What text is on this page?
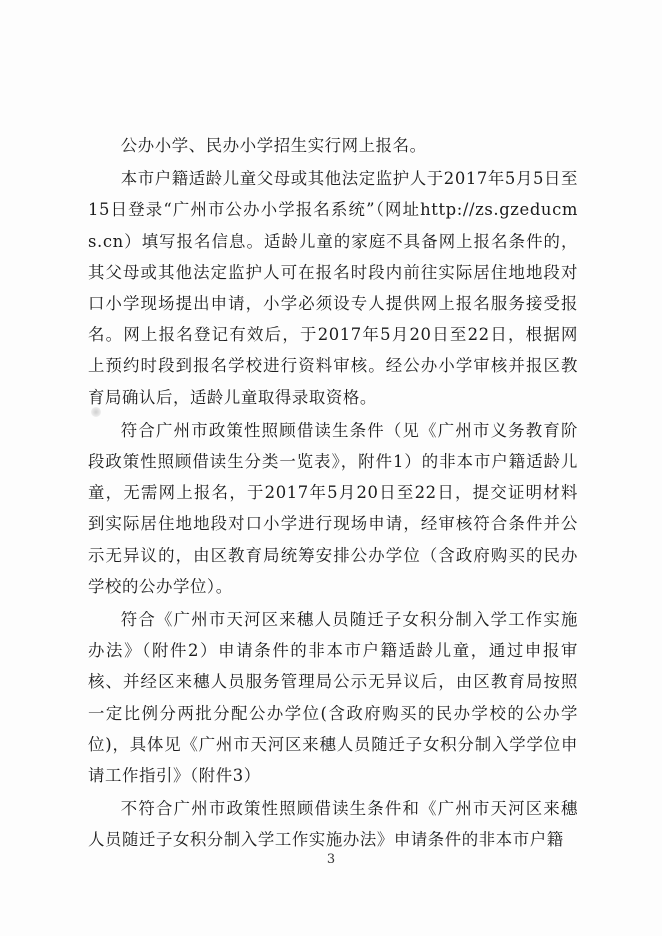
公办小学、民办小学招生实行网上报名。

本市户籍适龄儿童父母或其他法定监护人于2017年5月5日至15日登录“广州市公办小学报名系统”（网址http://zs.gzeducms.cn）填写报名信息。适龄儿童的家庭不具备网上报名条件的，其父母或其他法定监护人可在报名时段内前往实际居住地地段对口小学现场提出申请，小学必须设专人提供网上报名服务接受报名。网上报名登记有效后，于2017年5月20日至22日，根据网上预约时段到报名学校进行资料审核。经公办小学审核并报区教育局确认后，适龄儿童取得录取资格。

符合广州市政策性照顾借读生条件（见《广州市义务教育阶段政策性照顾借读生分类一览表》，附件1）的非本市户籍适龄儿童，无需网上报名，于2017年5月20日至22日，提交证明材料到实际居住地地段对口小学进行现场申请，经审核符合条件并公示无异议的，由区教育局统筹安排公办学位（含政府购买的民办学校的公办学位）。

符合《广州市天河区来穗人员随迁子女积分制入学工作实施办法》（附件2）申请条件的非本市户籍适龄儿童，通过申报审核、并经区来穗人员服务管理局公示无异议后，由区教育局按照一定比例分两批分配公办学位(含政府购买的民办学校的公办学位)，具体见《广州市天河区来穗人员随迁子女积分制入学学位申请工作指引》（附件3）

不符合广州市政策性照顾借读生条件和《广州市天河区来穗人员随迁子女积分制入学工作实施办法》申请条件的非本市户籍

3
